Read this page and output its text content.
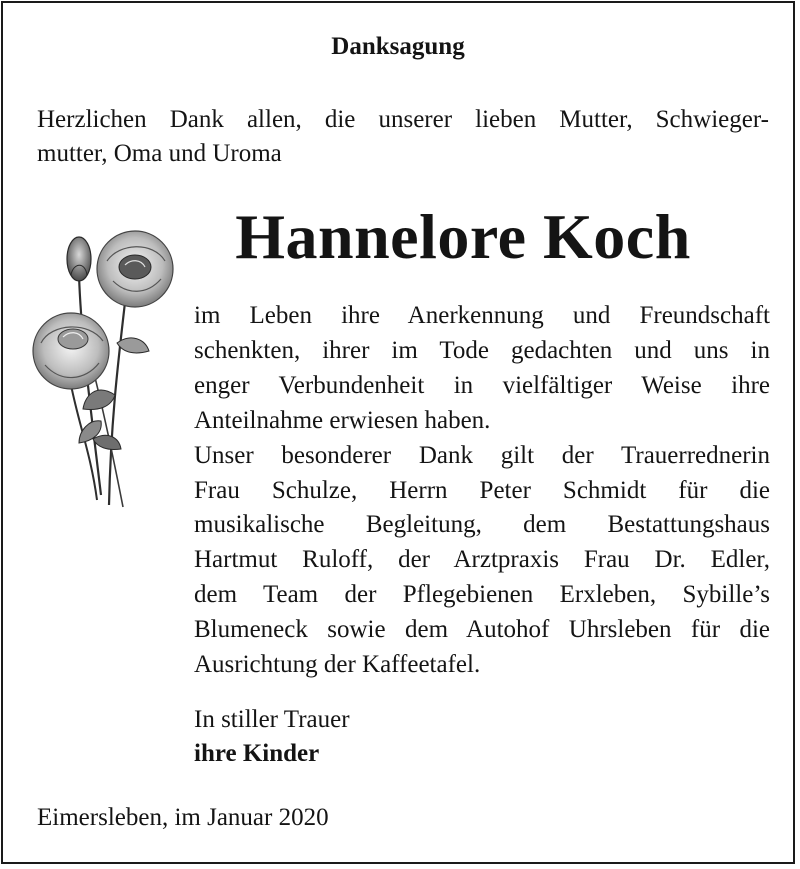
Danksagung
Herzlichen Dank allen, die unserer lieben Mutter, Schwieger-
mutter, Oma und Uroma
Hannelore Koch
im Leben ihre Anerkennung und Freundschaft
schenkten, ihrer im Tode gedachten und uns in
enger Verbundenheit in vielfältiger Weise ihre
Anteilnahme erwiesen haben.
Unser besonderer Dank gilt der Trauerrednerin
Frau Schulze, Herrn Peter Schmidt für die
musikalische Begleitung, dem Bestattungshaus
Hartmut Ruloff, der Arztpraxis Frau Dr. Edler,
dem Team der Pflegebienen Erxleben, Sybille’s
Blumeneck sowie dem Autohof Uhrsleben für die
Ausrichtung der Kaffeetafel.
In stiller Trauer
ihre Kinder
Eimersleben, im Januar 2020
